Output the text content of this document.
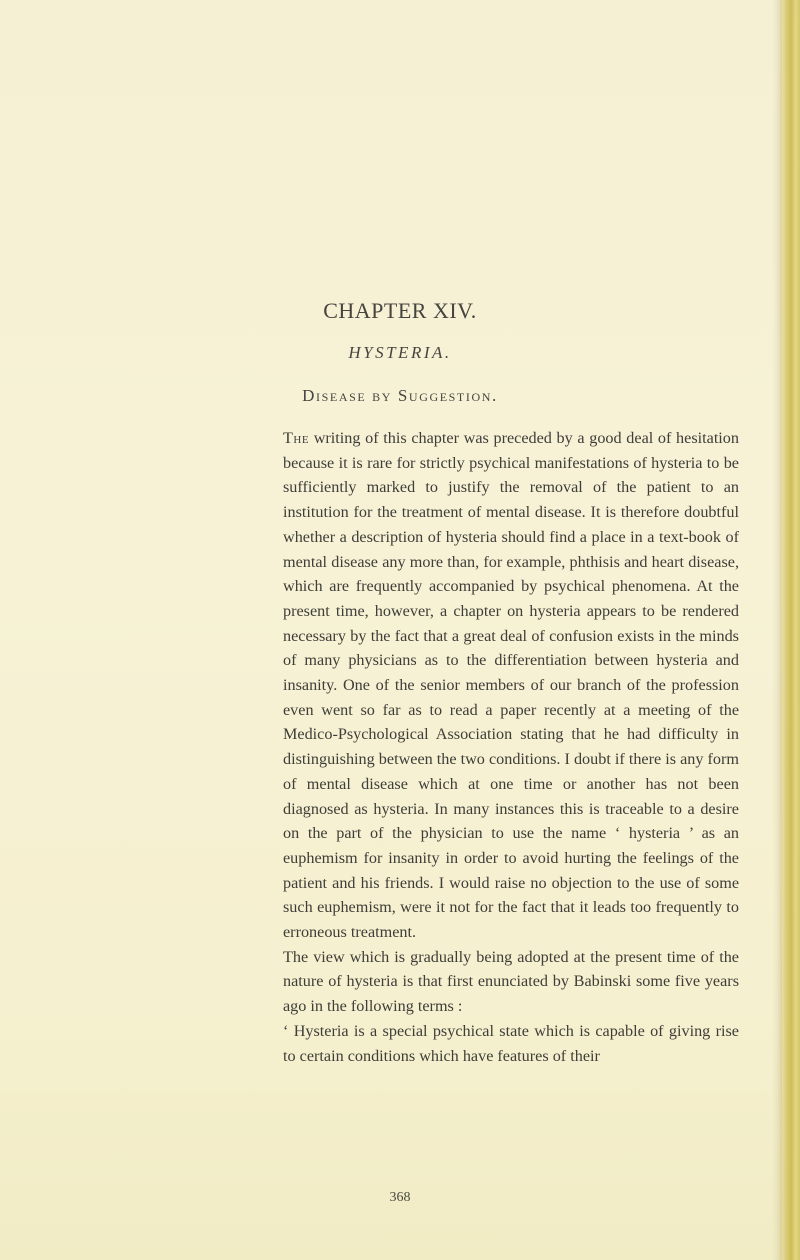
CHAPTER XIV.
HYSTERIA.
Disease by Suggestion.

The writing of this chapter was preceded by a good deal of hesitation because it is rare for strictly psychical manifestations of hysteria to be sufficiently marked to justify the removal of the patient to an institution for the treatment of mental disease. It is therefore doubtful whether a description of hysteria should find a place in a text-book of mental disease any more than, for example, phthisis and heart disease, which are frequently accompanied by psychical phenomena. At the present time, however, a chapter on hysteria appears to be rendered necessary by the fact that a great deal of confusion exists in the minds of many physicians as to the differentiation between hysteria and insanity. One of the senior members of our branch of the profession even went so far as to read a paper recently at a meeting of the Medico-Psychological Association stating that he had difficulty in distinguishing between the two conditions. I doubt if there is any form of mental disease which at one time or another has not been diagnosed as hysteria. In many instances this is traceable to a desire on the part of the physician to use the name ‘ hysteria ’ as an euphemism for insanity in order to avoid hurting the feelings of the patient and his friends. I would raise no objection to the use of some such euphemism, were it not for the fact that it leads too frequently to erroneous treatment.

The view which is gradually being adopted at the present time of the nature of hysteria is that first enunciated by Babinski some five years ago in the following terms :

‘ Hysteria is a special psychical state which is capable of giving rise to certain conditions which have features of their

368
